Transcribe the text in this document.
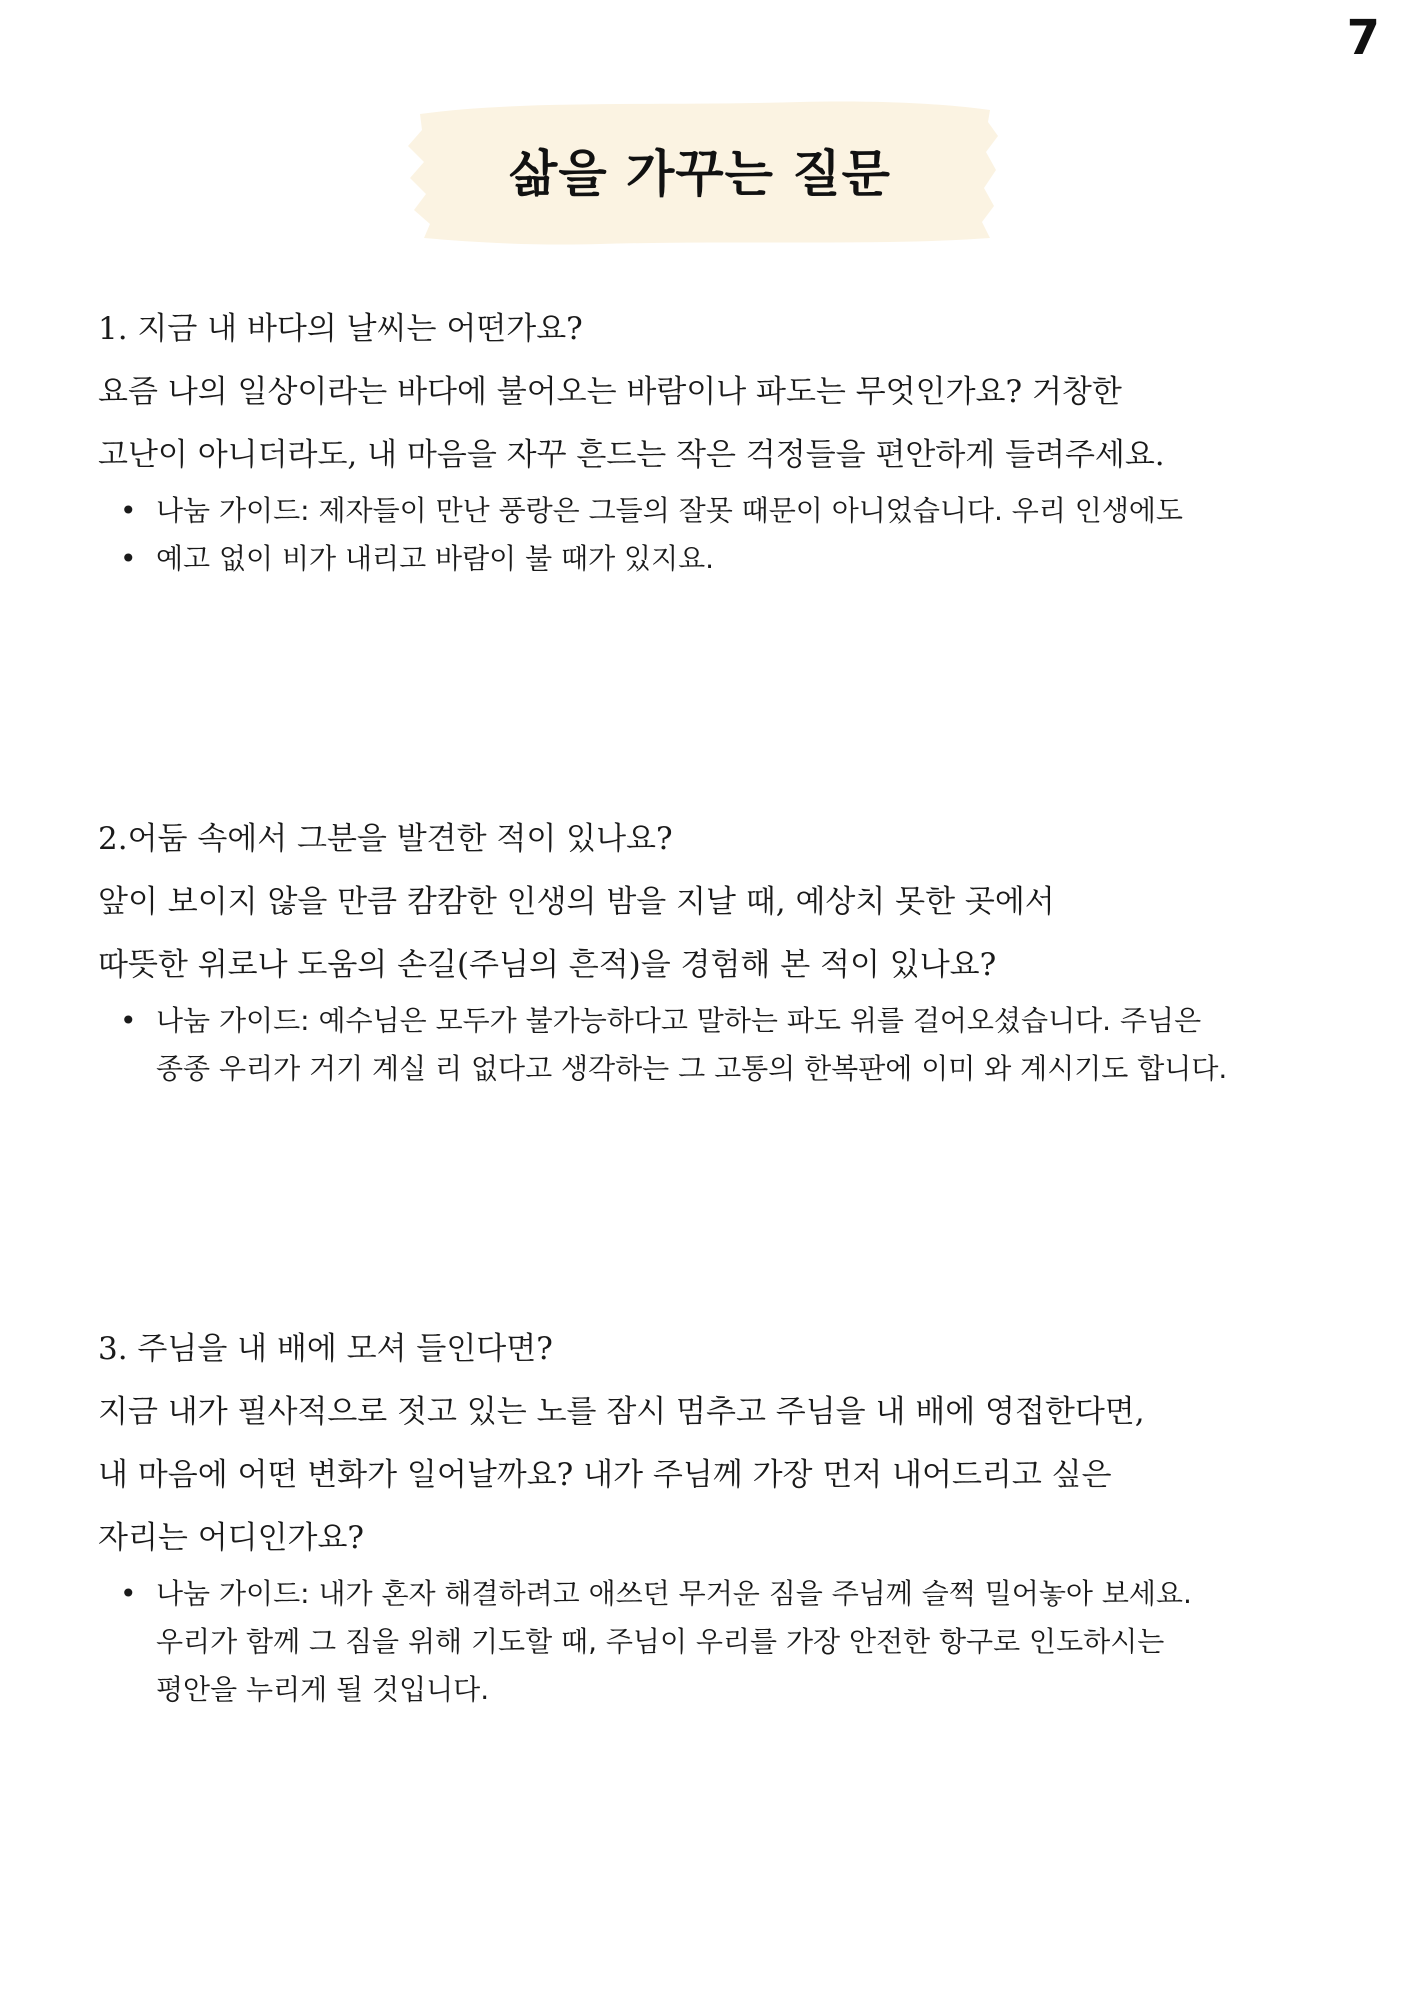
7
삶을 가꾸는 질문

1. 지금 내 바다의 날씨는 어떤가요?

요즘 나의 일상이라는 바다에 불어오는 바람이나 파도는 무엇인가요? 거창한

고난이 아니더라도, 내 마음을 자꾸 흔드는 작은 걱정들을 편안하게 들려주세요.

• 나눔 가이드: 제자들이 만난 풍랑은 그들의 잘못 때문이 아니었습니다. 우리 인생에도
• 예고 없이 비가 내리고 바람이 불 때가 있지요.

2.어둠 속에서 그분을 발견한 적이 있나요?

앞이 보이지 않을 만큼 캄캄한 인생의 밤을 지날 때, 예상치 못한 곳에서

따뜻한 위로나 도움의 손길(주님의 흔적)을 경험해 본 적이 있나요?

• 나눔 가이드: 예수님은 모두가 불가능하다고 말하는 파도 위를 걸어오셨습니다. 주님은
종종 우리가 거기 계실 리 없다고 생각하는 그 고통의 한복판에 이미 와 계시기도 합니다.

3. 주님을 내 배에 모셔 들인다면?

지금 내가 필사적으로 젓고 있는 노를 잠시 멈추고 주님을 내 배에 영접한다면,

내 마음에 어떤 변화가 일어날까요? 내가 주님께 가장 먼저 내어드리고 싶은

자리는 어디인가요?

• 나눔 가이드: 내가 혼자 해결하려고 애쓰던 무거운 짐을 주님께 슬쩍 밀어놓아 보세요.
우리가 함께 그 짐을 위해 기도할 때, 주님이 우리를 가장 안전한 항구로 인도하시는
평안을 누리게 될 것입니다.
